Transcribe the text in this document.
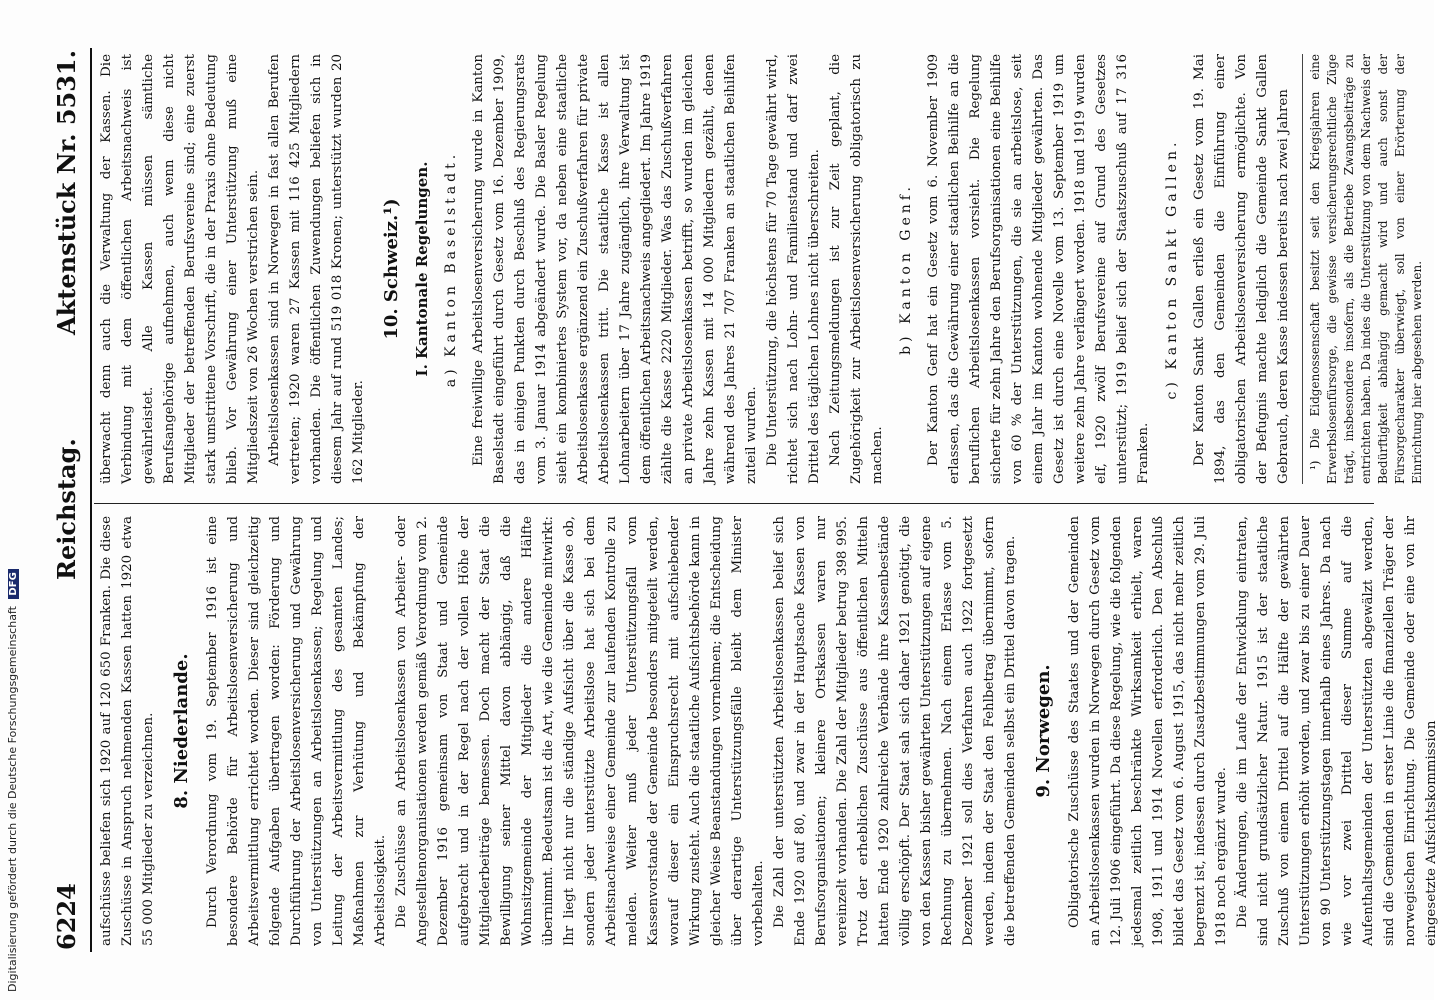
6224
Reichstag.
Aktenstück Nr. 5531.

aufschüsse beliefen sich 1920 auf 120 650 Franken. Die diese Zuschüsse in Anspruch nehmenden Kassen hatten 1920 etwa 55 000 Mitglieder zu verzeichnen. 8. Niederlande. Durch Verordnung vom 19. September 1916 ist eine besondere Behörde für Arbeitslosenversicherung und Arbeitsvermittlung errichtet worden. Dieser sind gleichzeitig folgende Aufgaben übertragen worden: Förderung und Durchführung der Arbeitslosenversicherung und Gewährung von Unterstützungen an Arbeitslosenkassen; Regelung und Leitung der Arbeitsvermittlung des gesamten Landes; Maßnahmen zur Verhütung und Bekämpfung der Arbeitslosigkeit. Die Zuschüsse an Arbeitslosenkassen von Arbeiter- oder Angestelltenorganisationen werden gemäß Verordnung vom 2. Dezember 1916 gemeinsam von Staat und Gemeinde aufgebracht und in der Regel nach der vollen Höhe der Mitgliederbeiträge bemessen. Doch macht der Staat die Bewilligung seiner Mittel davon abhängig, daß die Wohnsitzgemeinde der Mitglieder die andere Hälfte übernimmt. Bedeutsam ist die Art, wie die Gemeinde mitwirkt: Ihr liegt nicht nur die ständige Aufsicht über die Kasse ob, sondern jeder unterstützte Arbeitslose hat sich bei dem Arbeitsnachweise einer Gemeinde zur laufenden Kontrolle zu melden. Weiter muß jeder Unterstützungsfall vom Kassenvorstande der Gemeinde besonders mitgeteilt werden, worauf dieser ein Einspruchsrecht mit aufschiebender Wirkung zusteht. Auch die staatliche Aufsichtsbehörde kann in gleicher Weise Beanstandungen vornehmen; die Entscheidung über derartige Unterstützungsfälle bleibt dem Minister vorbehalten. Die Zahl der unterstützten Arbeitslosenkassen belief sich Ende 1920 auf 80, und zwar in der Hauptsache Kassen von Berufsorganisationen; kleinere Ortskassen waren nur vereinzelt vorhanden. Die Zahl der Mitglieder betrug 398 995. Trotz der erheblichen Zuschüsse aus öffentlichen Mitteln hatten Ende 1920 zahlreiche Verbände ihre Kassenbestände völlig erschöpft. Der Staat sah sich daher 1921 genötigt, die von den Kassen bisher gewährten Unterstützungen auf eigene Rechnung zu übernehmen. Nach einem Erlasse vom 5. Dezember 1921 soll dies Verfahren auch 1922 fortgesetzt werden, indem der Staat den Fehlbetrag übernimmt, sofern die betreffenden Gemeinden selbst ein Drittel davon tragen. 9. Norwegen. Obligatorische Zuschüsse des Staates und der Gemeinden an Arbeitslosenkassen wurden in Norwegen durch Gesetz vom 12. Juli 1906 eingeführt. Da diese Regelung, wie die folgenden jedesmal zeitlich beschränkte Wirksamkeit erhielt, waren 1908, 1911 und 1914 Novellen erforderlich. Den Abschluß bildet das Gesetz vom 6. August 1915, das nicht mehr zeitlich begrenzt ist, indessen durch Zusatzbestimmungen vom 29. Juli 1918 noch ergänzt wurde. Die Änderungen, die im Laufe der Entwicklung eintraten, sind nicht grundsätzlicher Natur. 1915 ist der staatliche Zuschuß von einem Drittel auf die Hälfte der gewährten Unterstützungen erhöht worden, und zwar bis zu einer Dauer von 90 Unterstützungstagen innerhalb eines Jahres. Da nach wie vor zwei Drittel dieser Summe auf die Aufenthaltsgemeinden der Unterstützten abgewälzt werden, sind die Gemeinden in erster Linie die finanziellen Träger der norwegischen Einrichtung. Die Gemeinde oder eine von ihr eingesetzte Aufsichtskommission

überwacht denn auch die Verwaltung der Kassen. Die Verbindung mit dem öffentlichen Arbeitsnachweis ist gewährleistet. Alle Kassen müssen sämtliche Berufsangehörige aufnehmen, auch wenn diese nicht Mitglieder der betreffenden Berufsvereine sind; eine zuerst stark umstrittene Vorschrift, die in der Praxis ohne Bedeutung blieb. Vor Gewährung einer Unterstützung muß eine Mitgliedszeit von 26 Wochen verstrichen sein. Arbeitslosenkassen sind in Norwegen in fast allen Berufen vertreten; 1920 waren 27 Kassen mit 116 425 Mitgliedern vorhanden. Die öffentlichen Zuwendungen beliefen sich in diesem Jahr auf rund 519 018 Kronen; unterstützt wurden 20 162 Mitglieder.

10. Schweiz.¹) I. Kantonale Regelungen. a) Kanton Baselstadt. Eine freiwillige Arbeitslosenversicherung wurde in Kanton Baselstadt eingeführt durch Gesetz vom 16. Dezember 1909, das in einigen Punkten durch Beschluß des Regierungsrats vom 3. Januar 1914 abgeändert wurde. Die Basler Regelung sieht ein kombiniertes System vor, da neben eine staatliche Arbeitslosenkasse ergänzend ein Zuschußverfahren für private Arbeitslosenkassen tritt. Die staatliche Kasse ist allen Lohnarbeitern über 17 Jahre zugänglich, ihre Verwaltung ist dem öffentlichen Arbeitsnachweis angegliedert. Im Jahre 1919 zählte die Kasse 2220 Mitglieder. Was das Zuschußverfahren an private Arbeitslosenkassen betrifft, so wurden im gleichen Jahre zehn Kassen mit 14 000 Mitgliedern gezählt, denen während des Jahres 21 707 Franken an staatlichen Beihilfen zuteil wurden. Die Unterstützung, die höchstens für 70 Tage gewährt wird, richtet sich nach Lohn- und Familienstand und darf zwei Drittel des täglichen Lohnes nicht überschreiten. Nach Zeitungsmeldungen ist zur Zeit geplant, die Zugehörigkeit zur Arbeitslosenversicherung obligatorisch zu machen.

b) Kanton Genf. Der Kanton Genf hat ein Gesetz vom 6. November 1909 erlassen, das die Gewährung einer staatlichen Beihilfe an die beruflichen Arbeitslosenkassen vorsieht. Die Regelung sicherte für zehn Jahre den Berufsorganisationen eine Beihilfe von 60 % der Unterstützungen, die sie an arbeitslose, seit einem Jahr im Kanton wohnende Mitglieder gewährten. Das Gesetz ist durch eine Novelle vom 13. September 1919 um weitere zehn Jahre verlängert worden. 1918 und 1919 wurden elf, 1920 zwölf Berufsvereine auf Grund des Gesetzes unterstützt; 1919 belief sich der Staatszuschuß auf 17 316 Franken.

c) Kanton Sankt Gallen. Der Kanton Sankt Gallen erließ ein Gesetz vom 19. Mai 1894, das den Gemeinden die Einführung einer obligatorischen Arbeitslosenversicherung ermöglichte. Von der Befugnis machte lediglich die Gemeinde Sankt Gallen Gebrauch, deren Kasse indessen bereits nach zwei Jahren ¹) Die Eidgenossenschaft besitzt seit den Kriegsjahren eine Erwerbslosenfürsorge, die gewisse versicherungsrechtliche Züge trägt, insbesondere insofern, als die Betriebe Zwangsbeiträge zu entrichten haben. Da indes die Unterstützung von dem Nachweis der Bedürftigkeit abhängig gemacht wird und auch sonst der Fürsorgecharakter überwiegt, soll von einer Erörterung der Einrichtung hier abgesehen werden.

Digitalisierung gefördert durch die Deutsche Forschungsgemeinschaft DFG
